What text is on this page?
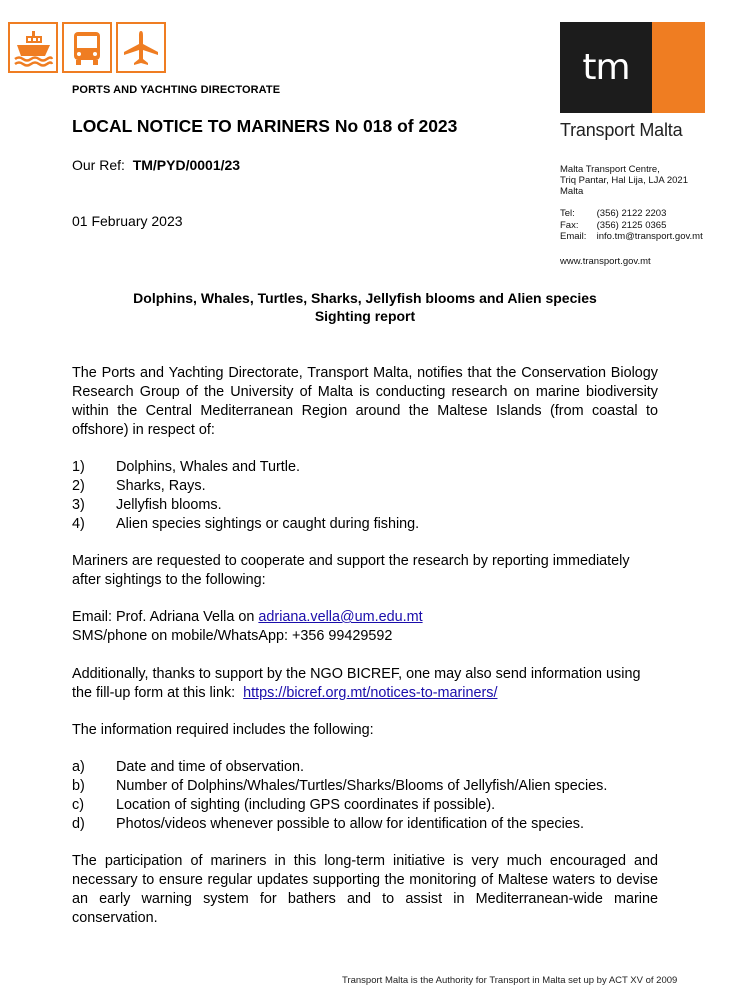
PORTS AND YACHTING DIRECTORATE
LOCAL NOTICE TO MARINERS No 018 of 2023
Our Ref: TM/PYD/0001/23
01 February 2023
tm
Transport Malta
Malta Transport Centre,
Triq Pantar, Hal Lija, LJA 2021
Malta
Tel: (356) 2122 2203
Fax: (356) 2125 0365
Email: info.tm@transport.gov.mt
www.transport.gov.mt
Dolphins, Whales, Turtles, Sharks, Jellyfish blooms and Alien species
Sighting report
The Ports and Yachting Directorate, Transport Malta, notifies that the Conservation Biology Research Group of the University of Malta is conducting research on marine biodiversity within the Central Mediterranean Region around the Maltese Islands (from coastal to offshore) in respect of:
1)	Dolphins, Whales and Turtle.
2)	Sharks, Rays.
3)	Jellyfish blooms.
4)	Alien species sightings or caught during fishing.
Mariners are requested to cooperate and support the research by reporting immediately after sightings to the following:
Email: Prof. Adriana Vella on adriana.vella@um.edu.mt
SMS/phone on mobile/WhatsApp: +356 99429592
Additionally, thanks to support by the NGO BICREF, one may also send information using the fill-up form at this link: https://bicref.org.mt/notices-to-mariners/
The information required includes the following:
a)	Date and time of observation.
b)	Number of Dolphins/Whales/Turtles/Sharks/Blooms of Jellyfish/Alien species.
c)	Location of sighting (including GPS coordinates if possible).
d)	Photos/videos whenever possible to allow for identification of the species.
The participation of mariners in this long-term initiative is very much encouraged and necessary to ensure regular updates supporting the monitoring of Maltese waters to devise an early warning system for bathers and to assist in Mediterranean-wide marine conservation.
Transport Malta is the Authority for Transport in Malta set up by ACT XV of 2009
